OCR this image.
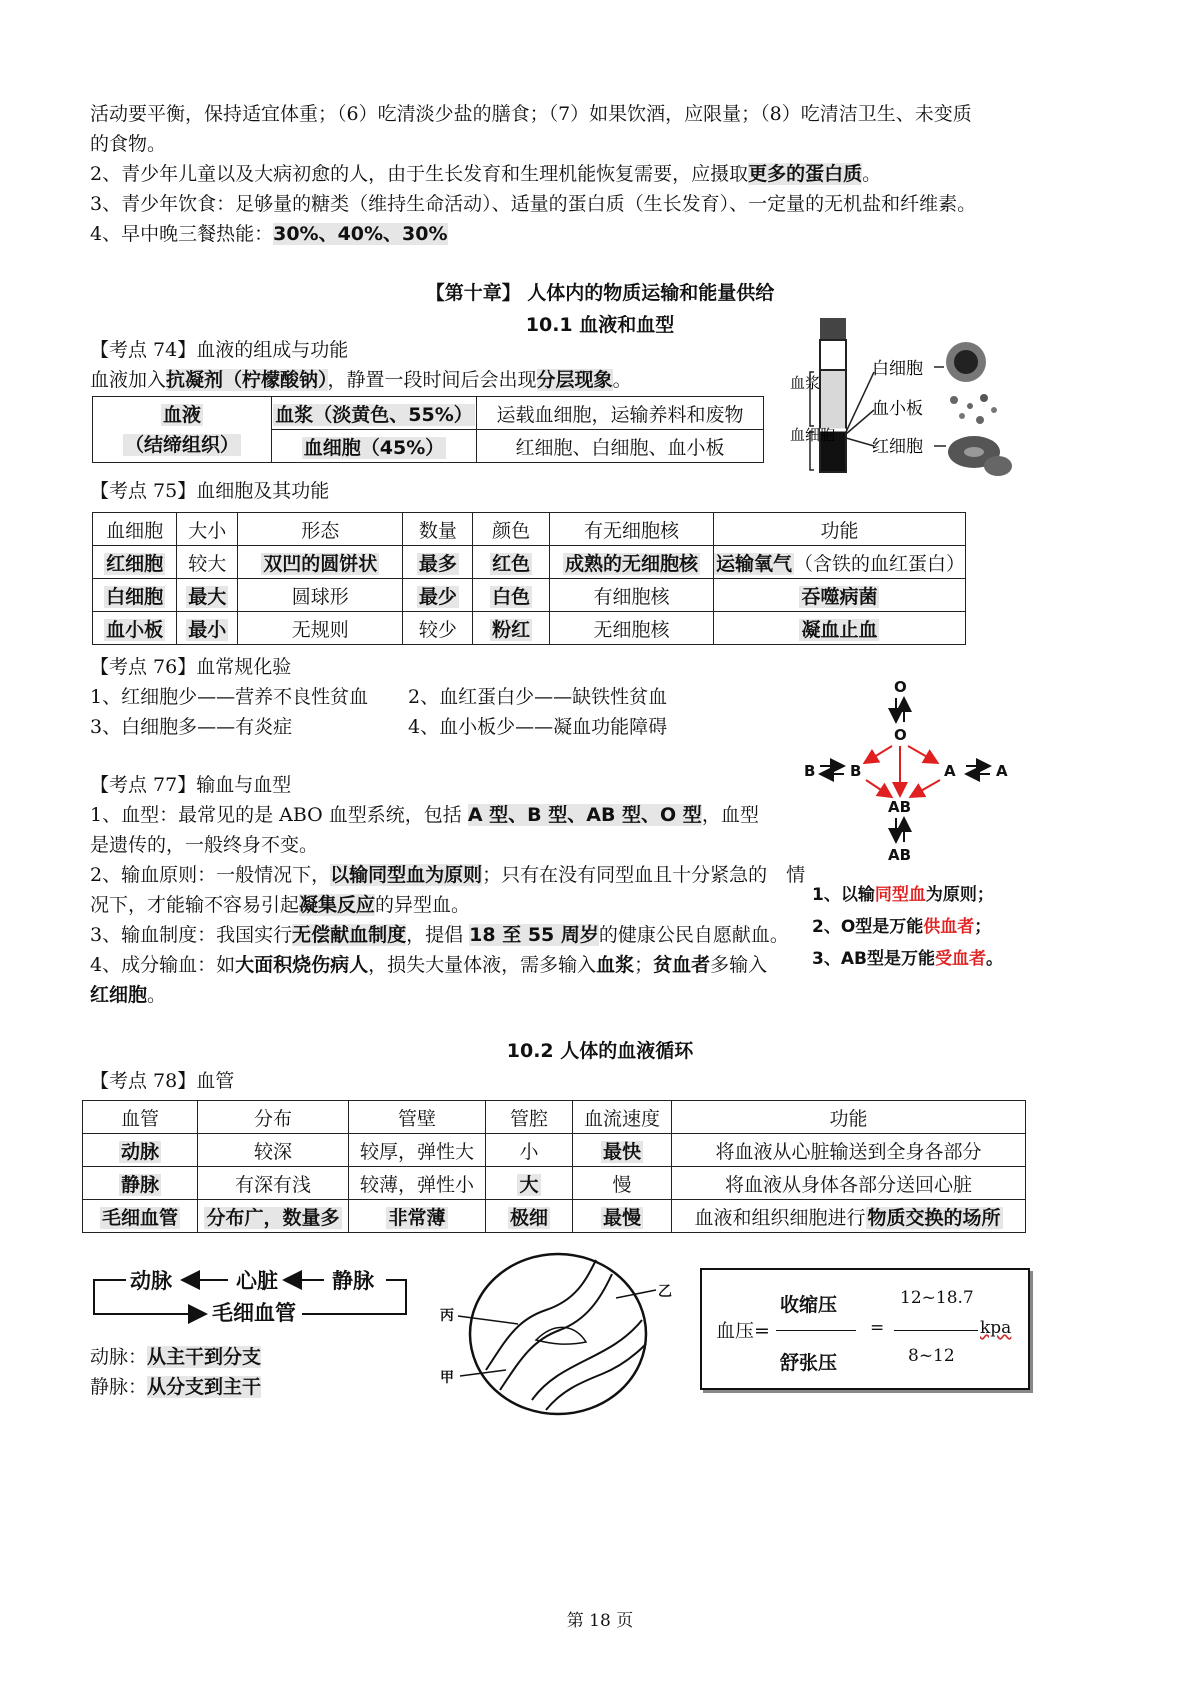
活动要平衡，保持适宜体重；（6）吃清淡少盐的膳食；（7）如果饮酒，应限量；（8）吃清洁卫生、未变质
的食物。
2、青少年儿童以及大病初愈的人，由于生长发育和生理机能恢复需要，应摄取更多的蛋白质。
3、青少年饮食：足够量的糖类（维持生命活动）、适量的蛋白质（生长发育）、一定量的无机盐和纤维素。
4、早中晚三餐热能：30%、40%、30%
【第十章】 人体内的物质运输和能量供给
10.1 血液和血型
【考点 74】血液的组成与功能
血液加入抗凝剂（柠檬酸钠），静置一段时间后会出现分层现象。
血液
（结缔组织）	血浆（淡黄色、55%）	运载血细胞，运输养料和废物
	血细胞（45%）	红细胞、白细胞、血小板
血浆
血细胞
白细胞
血小板
红细胞
【考点 75】血细胞及其功能
血细胞	大小	形态	数量	颜色	有无细胞核	功能
红细胞	较大	双凹的圆饼状	最多	红色	成熟的无细胞核	运输氧气 （含铁的血红蛋白）
白细胞	最大	圆球形	最少	白色	有细胞核	吞噬病菌
血小板	最小	无规则	较少	粉红	无细胞核	凝血止血
【考点 76】血常规化验
1、红细胞少——营养不良性贫血 2、血红蛋白少——缺铁性贫血
3、白细胞多——有炎症	4、血小板少——凝血功能障碍
O
O
B B	A	A
AB
AB
1、以输同型血为原则；
2、O型是万能供血者；
3、AB型是万能受血者。
【考点 77】输血与血型
1、血型：最常见的是 ABO 血型系统，包括 A 型、B 型、AB 型、O 型，血型
是遗传的，一般终身不变。
2、输血原则：一般情况下，以输同型血为原则；只有在没有同型血且十分紧急的　情
况下，才能输不容易引起凝集反应的异型血。
3、输血制度：我国实行无偿献血制度，提倡 18 至 55 周岁的健康公民自愿献血。
4、成分输血：如大面积烧伤病人，损失大量体液，需多输入血浆；贫血者多输入
红细胞。
10.2 人体的血液循环
【考点 78】血管
血管	分布	管壁	管腔	血流速度	功能
动脉	较深	较厚，弹性大	小	最快	将血液从心脏输送到全身各部分
静脉	有深有浅	较薄，弹性小	大	慢	将血液从身体各部分送回心脏
毛细血管	分布广，数量多	非常薄	极细	最慢	血液和组织细胞进行 物质交换的场所
动脉	心脏	静脉
毛细血管
动脉：从主干到分支
静脉：从分支到主干
乙
丙
甲
血压=
收缩压
舒张压
=
12~18.7
8~12
kpa
第 18 页
